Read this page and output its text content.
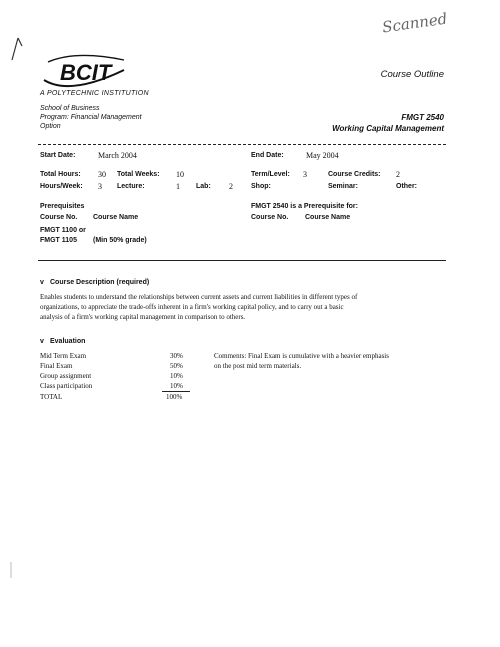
Scanned
BCIT
A POLYTECHNIC INSTITUTION
Course Outline
School of Business
Program: Financial Management
Option
FMGT 2540
Working Capital Management
Start Date:	March 2004	End Date:	May 2004
Total Hours: 30 Total Weeks: 10	Term/Level: 3	Course Credits: 2
Hours/Week: 3 Lecture:	1 Lab: 2	Shop:	Seminar:	Other:
Prerequisites
Course No. Course Name
FMGT 1100 or
FMGT 1105 (Min 50% grade)
FMGT 2540 is a Prerequisite for:
Course No. Course Name
v Course Description (required)
Enables students to understand the relationships between current assets and current liabilities in different types of
organizations, to appreciate the trade-offs inherent in a firm's working capital policy, and to carry out a basic
analysis of a firm's working capital management in comparison to others.
v Evaluation
Mid Term Exam	30%
Final Exam	50%
Group assignment	10%
Class participation	10%
TOTAL	100%
Comments: Final Exam is cumulative with a heavier emphasis
on the post mid term materials.
